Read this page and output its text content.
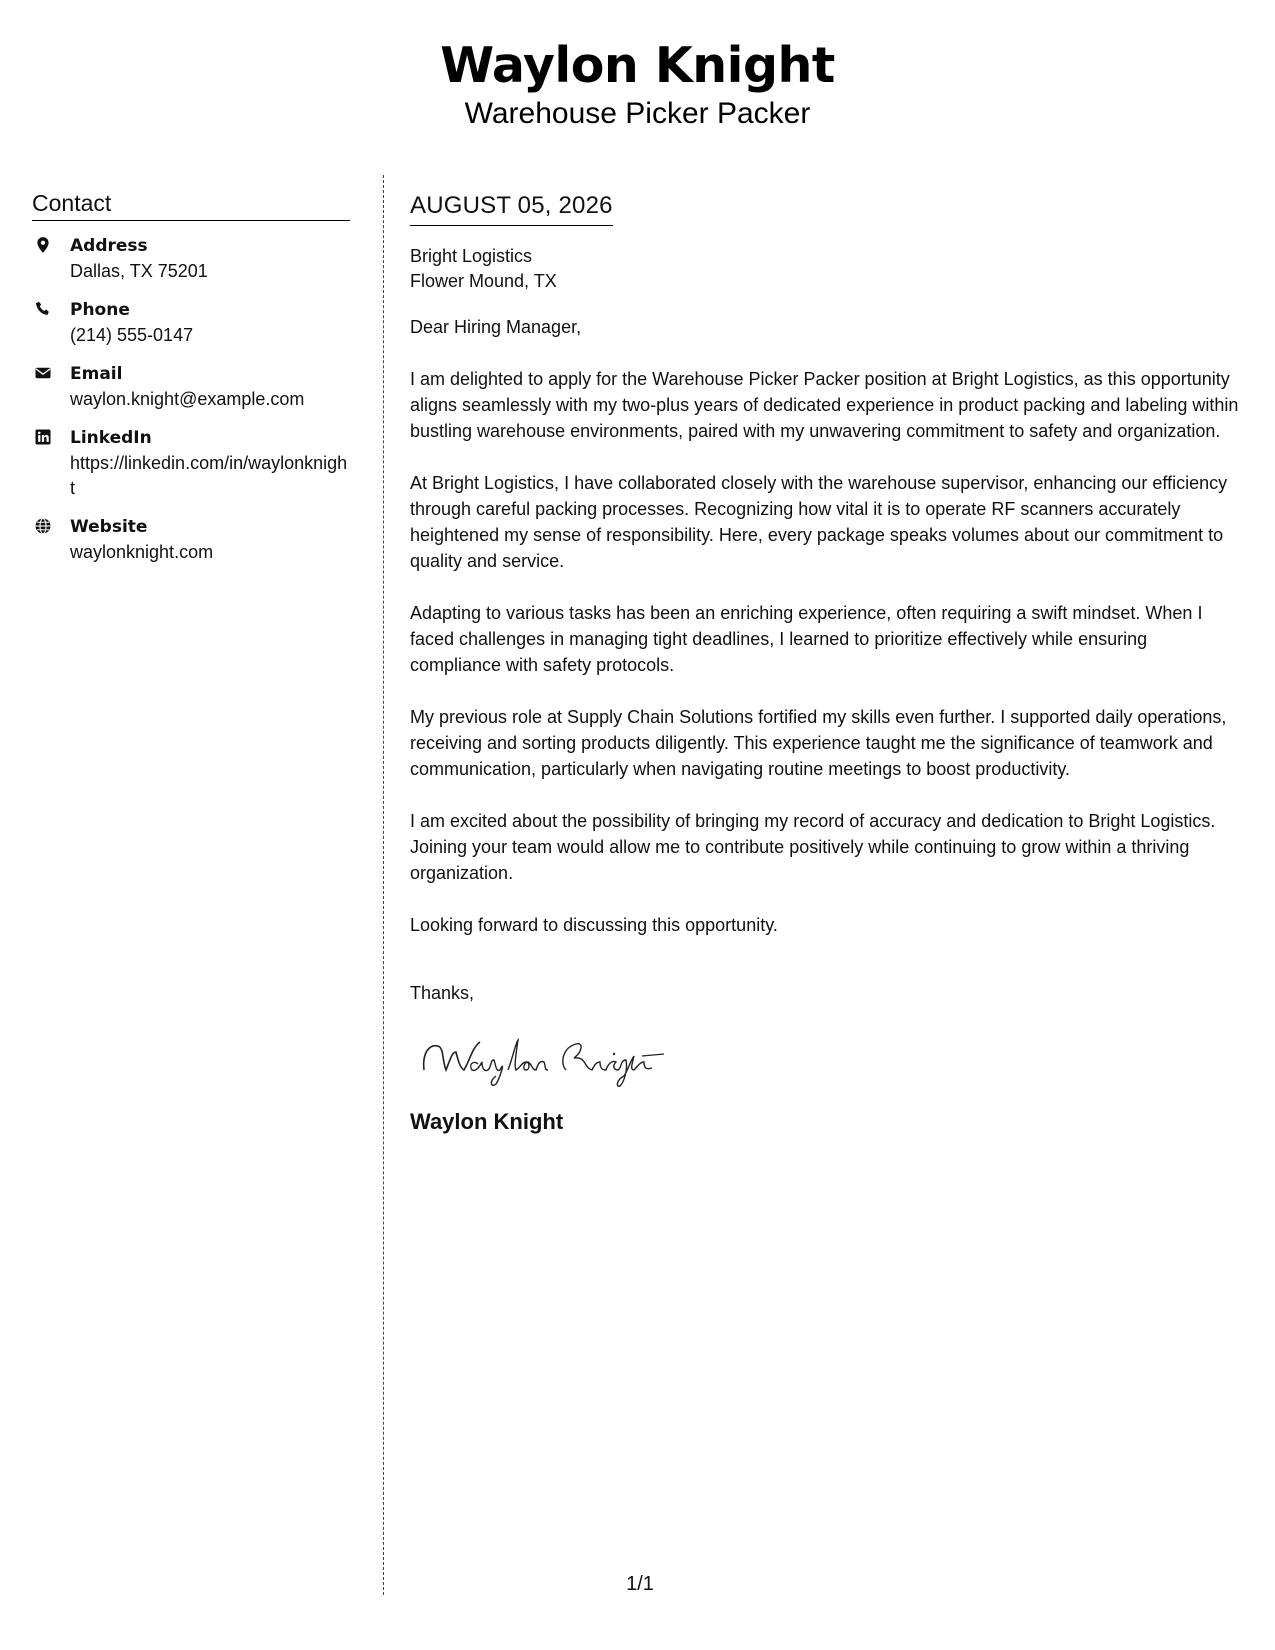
Waylon Knight
Warehouse Picker Packer
Contact
Address
Dallas, TX 75201
Phone
(214) 555-0147
Email
waylon.knight@example.com
LinkedIn
https://linkedin.com/in/waylonknight
Website
waylonknight.com
AUGUST 05, 2026
Bright Logistics
Flower Mound, TX

Dear Hiring Manager,

I am delighted to apply for the Warehouse Picker Packer position at Bright Logistics, as this opportunity aligns seamlessly with my two-plus years of dedicated experience in product packing and labeling within bustling warehouse environments, paired with my unwavering commitment to safety and organization.

At Bright Logistics, I have collaborated closely with the warehouse supervisor, enhancing our efficiency through careful packing processes. Recognizing how vital it is to operate RF scanners accurately heightened my sense of responsibility. Here, every package speaks volumes about our commitment to quality and service.

Adapting to various tasks has been an enriching experience, often requiring a swift mindset. When I faced challenges in managing tight deadlines, I learned to prioritize effectively while ensuring compliance with safety protocols.

My previous role at Supply Chain Solutions fortified my skills even further. I supported daily operations, receiving and sorting products diligently. This experience taught me the significance of teamwork and communication, particularly when navigating routine meetings to boost productivity.

I am excited about the possibility of bringing my record of accuracy and dedication to Bright Logistics. Joining your team would allow me to contribute positively while continuing to grow within a thriving organization.

Looking forward to discussing this opportunity.

Thanks,
Waylon Knight
1/1
